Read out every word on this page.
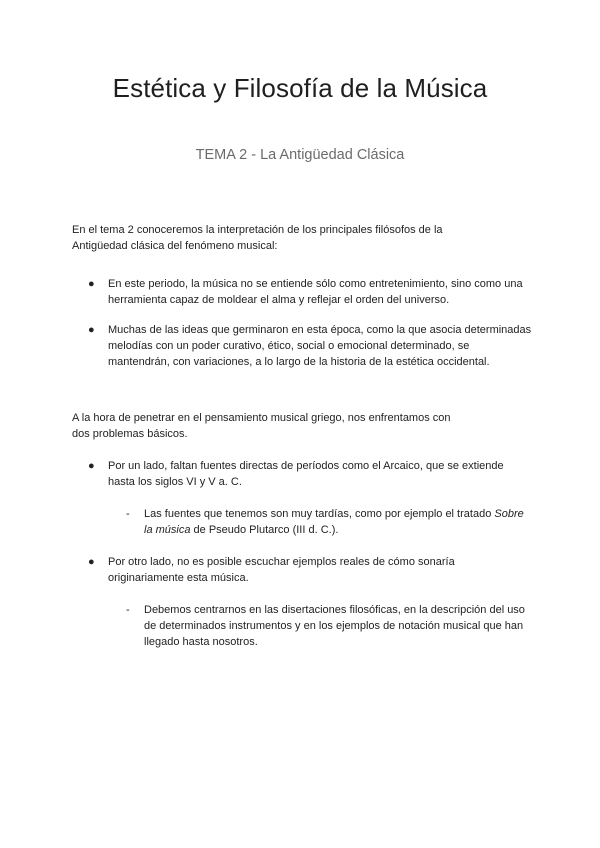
Estética y Filosofía de la Música

TEMA 2 - La Antigüedad Clásica

En el tema 2 conoceremos la interpretación de los principales filósofos de la Antigüedad clásica del fenómeno musical:

● En este periodo, la música no se entiende sólo como entretenimiento, sino como una herramienta capaz de moldear el alma y reflejar el orden del universo.
● Muchas de las ideas que germinaron en esta época, como la que asocia determinadas melodías con un poder curativo, ético, social o emocional determinado, se mantendrán, con variaciones, a lo largo de la historia de la estética occidental.

A la hora de penetrar en el pensamiento musical griego, nos enfrentamos con dos problemas básicos.

● Por un lado, faltan fuentes directas de períodos como el Arcaico, que se extiende hasta los siglos VI y V a. C.
- Las fuentes que tenemos son muy tardías, como por ejemplo el tratado Sobre la música de Pseudo Plutarco (III d. C.).
● Por otro lado, no es posible escuchar ejemplos reales de cómo sonaría originariamente esta música.
- Debemos centrarnos en las disertaciones filosóficas, en la descripción del uso de determinados instrumentos y en los ejemplos de notación musical que han llegado hasta nosotros.
